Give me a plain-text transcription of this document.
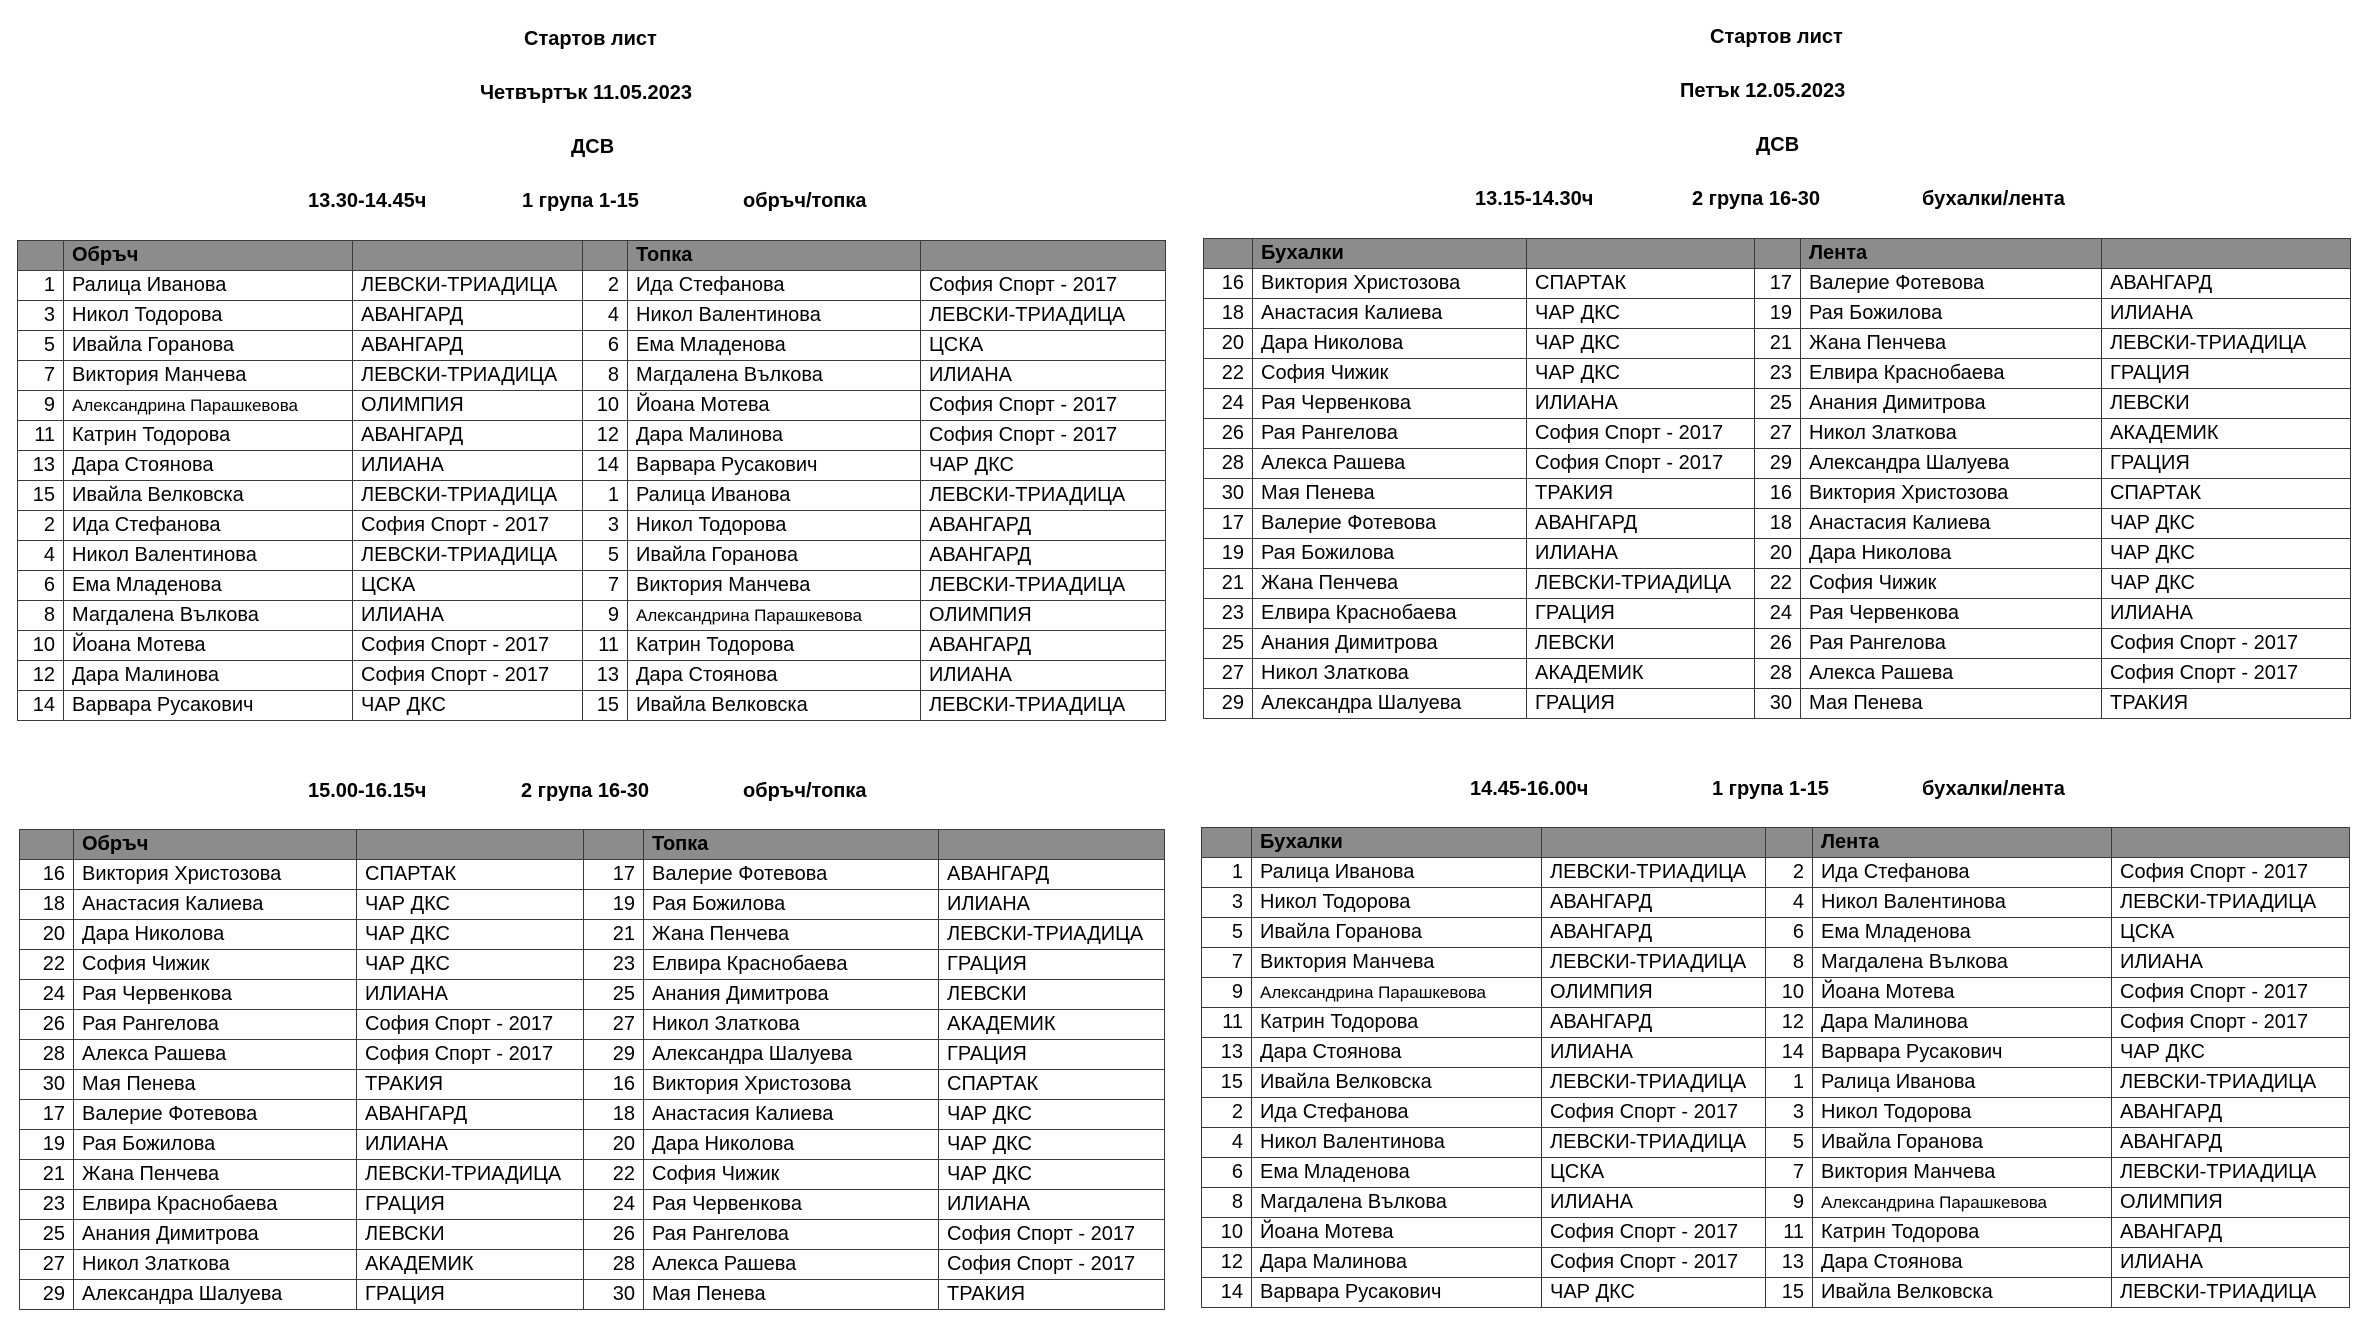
Стартов лист
Четвъртък 11.05.2023
ДСВ
13.30-14.45ч	1 група 1-15	обръч/топка
	Обръч			Топка	
1	Ралица Иванова	ЛЕВСКИ-ТРИАДИЦА	2	Ида Стефанова	София Спорт - 2017
3	Никол Тодорова	АВАНГАРД	4	Никол Валентинова	ЛЕВСКИ-ТРИАДИЦА
5	Ивайла Горанова	АВАНГАРД	6	Ема Младенова	ЦСКА
7	Виктория Манчева	ЛЕВСКИ-ТРИАДИЦА	8	Магдалена Вълкова	ИЛИАНА
9	Александрина Парашкевова	ОЛИМПИЯ	10	Йоана Мотева	София Спорт - 2017
11	Катрин Тодорова	АВАНГАРД	12	Дара Малинова	София Спорт - 2017
13	Дара Стоянова	ИЛИАНА	14	Варвара Русакович	ЧАР ДКС
15	Ивайла Велковска	ЛЕВСКИ-ТРИАДИЦА	1	Ралица Иванова	ЛЕВСКИ-ТРИАДИЦА
2	Ида Стефанова	София Спорт - 2017	3	Никол Тодорова	АВАНГАРД
4	Никол Валентинова	ЛЕВСКИ-ТРИАДИЦА	5	Ивайла Горанова	АВАНГАРД
6	Ема Младенова	ЦСКА	7	Виктория Манчева	ЛЕВСКИ-ТРИАДИЦА
8	Магдалена Вълкова	ИЛИАНА	9	Александрина Парашкевова	ОЛИМПИЯ
10	Йоана Мотева	София Спорт - 2017	11	Катрин Тодорова	АВАНГАРД
12	Дара Малинова	София Спорт - 2017	13	Дара Стоянова	ИЛИАНА
14	Варвара Русакович	ЧАР ДКС	15	Ивайла Велковска	ЛЕВСКИ-ТРИАДИЦА
Стартов лист
Петък 12.05.2023
ДСВ
13.15-14.30ч	2 група 16-30	бухалки/лента
	Бухалки			Лента	
16	Виктория Христозова	СПАРТАК	17	Валерие Фотевова	АВАНГАРД
18	Анастасия Калиева	ЧАР ДКС	19	Рая Божилова	ИЛИАНА
20	Дара Николова	ЧАР ДКС	21	Жана Пенчева	ЛЕВСКИ-ТРИАДИЦА
22	София Чижик	ЧАР ДКС	23	Елвира Краснобаева	ГРАЦИЯ
24	Рая Червенкова	ИЛИАНА	25	Анания Димитрова	ЛЕВСКИ
26	Рая Рангелова	София Спорт - 2017	27	Никол Златкова	АКАДЕМИК
28	Алекса Рашева	София Спорт - 2017	29	Александра Шалуева	ГРАЦИЯ
30	Мая Пенева	ТРАКИЯ	16	Виктория Христозова	СПАРТАК
17	Валерие Фотевова	АВАНГАРД	18	Анастасия Калиева	ЧАР ДКС
19	Рая Божилова	ИЛИАНА	20	Дара Николова	ЧАР ДКС
21	Жана Пенчева	ЛЕВСКИ-ТРИАДИЦА	22	София Чижик	ЧАР ДКС
23	Елвира Краснобаева	ГРАЦИЯ	24	Рая Червенкова	ИЛИАНА
25	Анания Димитрова	ЛЕВСКИ	26	Рая Рангелова	София Спорт - 2017
27	Никол Златкова	АКАДЕМИК	28	Алекса Рашева	София Спорт - 2017
29	Александра Шалуева	ГРАЦИЯ	30	Мая Пенева	ТРАКИЯ
15.00-16.15ч	2 група 16-30	обръч/топка
	Обръч			Топка	
16	Виктория Христозова	СПАРТАК	17	Валерие Фотевова	АВАНГАРД
18	Анастасия Калиева	ЧАР ДКС	19	Рая Божилова	ИЛИАНА
20	Дара Николова	ЧАР ДКС	21	Жана Пенчева	ЛЕВСКИ-ТРИАДИЦА
22	София Чижик	ЧАР ДКС	23	Елвира Краснобаева	ГРАЦИЯ
24	Рая Червенкова	ИЛИАНА	25	Анания Димитрова	ЛЕВСКИ
26	Рая Рангелова	София Спорт - 2017	27	Никол Златкова	АКАДЕМИК
28	Алекса Рашева	София Спорт - 2017	29	Александра Шалуева	ГРАЦИЯ
30	Мая Пенева	ТРАКИЯ	16	Виктория Христозова	СПАРТАК
17	Валерие Фотевова	АВАНГАРД	18	Анастасия Калиева	ЧАР ДКС
19	Рая Божилова	ИЛИАНА	20	Дара Николова	ЧАР ДКС
21	Жана Пенчева	ЛЕВСКИ-ТРИАДИЦА	22	София Чижик	ЧАР ДКС
23	Елвира Краснобаева	ГРАЦИЯ	24	Рая Червенкова	ИЛИАНА
25	Анания Димитрова	ЛЕВСКИ	26	Рая Рангелова	София Спорт - 2017
27	Никол Златкова	АКАДЕМИК	28	Алекса Рашева	София Спорт - 2017
29	Александра Шалуева	ГРАЦИЯ	30	Мая Пенева	ТРАКИЯ
14.45-16.00ч	1 група 1-15	бухалки/лента
	Бухалки			Лента	
1	Ралица Иванова	ЛЕВСКИ-ТРИАДИЦА	2	Ида Стефанова	София Спорт - 2017
3	Никол Тодорова	АВАНГАРД	4	Никол Валентинова	ЛЕВСКИ-ТРИАДИЦА
5	Ивайла Горанова	АВАНГАРД	6	Ема Младенова	ЦСКА
7	Виктория Манчева	ЛЕВСКИ-ТРИАДИЦА	8	Магдалена Вълкова	ИЛИАНА
9	Александрина Парашкевова	ОЛИМПИЯ	10	Йоана Мотева	София Спорт - 2017
11	Катрин Тодорова	АВАНГАРД	12	Дара Малинова	София Спорт - 2017
13	Дара Стоянова	ИЛИАНА	14	Варвара Русакович	ЧАР ДКС
15	Ивайла Велковска	ЛЕВСКИ-ТРИАДИЦА	1	Ралица Иванова	ЛЕВСКИ-ТРИАДИЦА
2	Ида Стефанова	София Спорт - 2017	3	Никол Тодорова	АВАНГАРД
4	Никол Валентинова	ЛЕВСКИ-ТРИАДИЦА	5	Ивайла Горанова	АВАНГАРД
6	Ема Младенова	ЦСКА	7	Виктория Манчева	ЛЕВСКИ-ТРИАДИЦА
8	Магдалена Вълкова	ИЛИАНА	9	Александрина Парашкевова	ОЛИМПИЯ
10	Йоана Мотева	София Спорт - 2017	11	Катрин Тодорова	АВАНГАРД
12	Дара Малинова	София Спорт - 2017	13	Дара Стоянова	ИЛИАНА
14	Варвара Русакович	ЧАР ДКС	15	Ивайла Велковска	ЛЕВСКИ-ТРИАДИЦА
